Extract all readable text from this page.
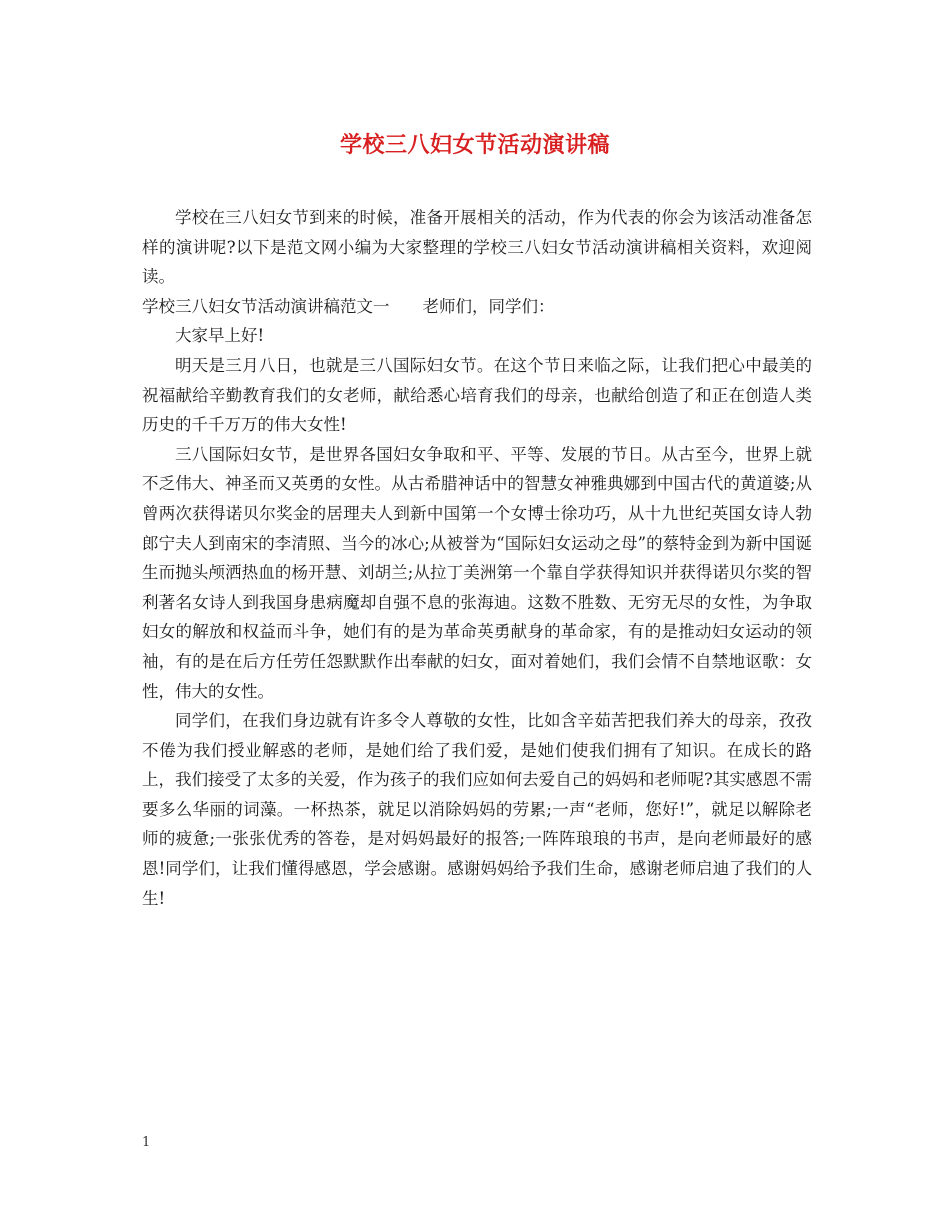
学校三八妇女节活动演讲稿

学校在三八妇女节到来的时候，准备开展相关的活动，作为代表的你会为该活动准备怎样的演讲呢?以下是范文网小编为大家整理的学校三八妇女节活动演讲稿相关资料，欢迎阅读。

学校三八妇女节活动演讲稿范文一　　老师们，同学们：

大家早上好!

明天是三月八日，也就是三八国际妇女节。在这个节日来临之际，让我们把心中最美的祝福献给辛勤教育我们的女老师，献给悉心培育我们的母亲，也献给创造了和正在创造人类历史的千千万万的伟大女性!

三八国际妇女节，是世界各国妇女争取和平、平等、发展的节日。从古至今，世界上就不乏伟大、神圣而又英勇的女性。从古希腊神话中的智慧女神雅典娜到中国古代的黄道婆;从曾两次获得诺贝尔奖金的居理夫人到新中国第一个女博士徐功巧，从十九世纪英国女诗人勃郎宁夫人到南宋的李清照、当今的冰心;从被誉为“国际妇女运动之母”的蔡特金到为新中国诞生而抛头颅洒热血的杨开慧、刘胡兰;从拉丁美洲第一个靠自学获得知识并获得诺贝尔奖的智利著名女诗人到我国身患病魔却自强不息的张海迪。这数不胜数、无穷无尽的女性，为争取妇女的解放和权益而斗争，她们有的是为革命英勇献身的革命家，有的是推动妇女运动的领袖，有的是在后方任劳任怨默默作出奉献的妇女，面对着她们，我们会情不自禁地讴歌：女性，伟大的女性。

同学们，在我们身边就有许多令人尊敬的女性，比如含辛茹苦把我们养大的母亲，孜孜不倦为我们授业解惑的老师，是她们给了我们爱，是她们使我们拥有了知识。在成长的路上，我们接受了太多的关爱，作为孩子的我们应如何去爱自己的妈妈和老师呢?其实感恩不需要多么华丽的词藻。一杯热茶，就足以消除妈妈的劳累;一声“老师，您好!”，就足以解除老师的疲惫;一张张优秀的答卷，是对妈妈最好的报答;一阵阵琅琅的书声，是向老师最好的感恩!同学们，让我们懂得感恩，学会感谢。感谢妈妈给予我们生命，感谢老师启迪了我们的人生!

1
